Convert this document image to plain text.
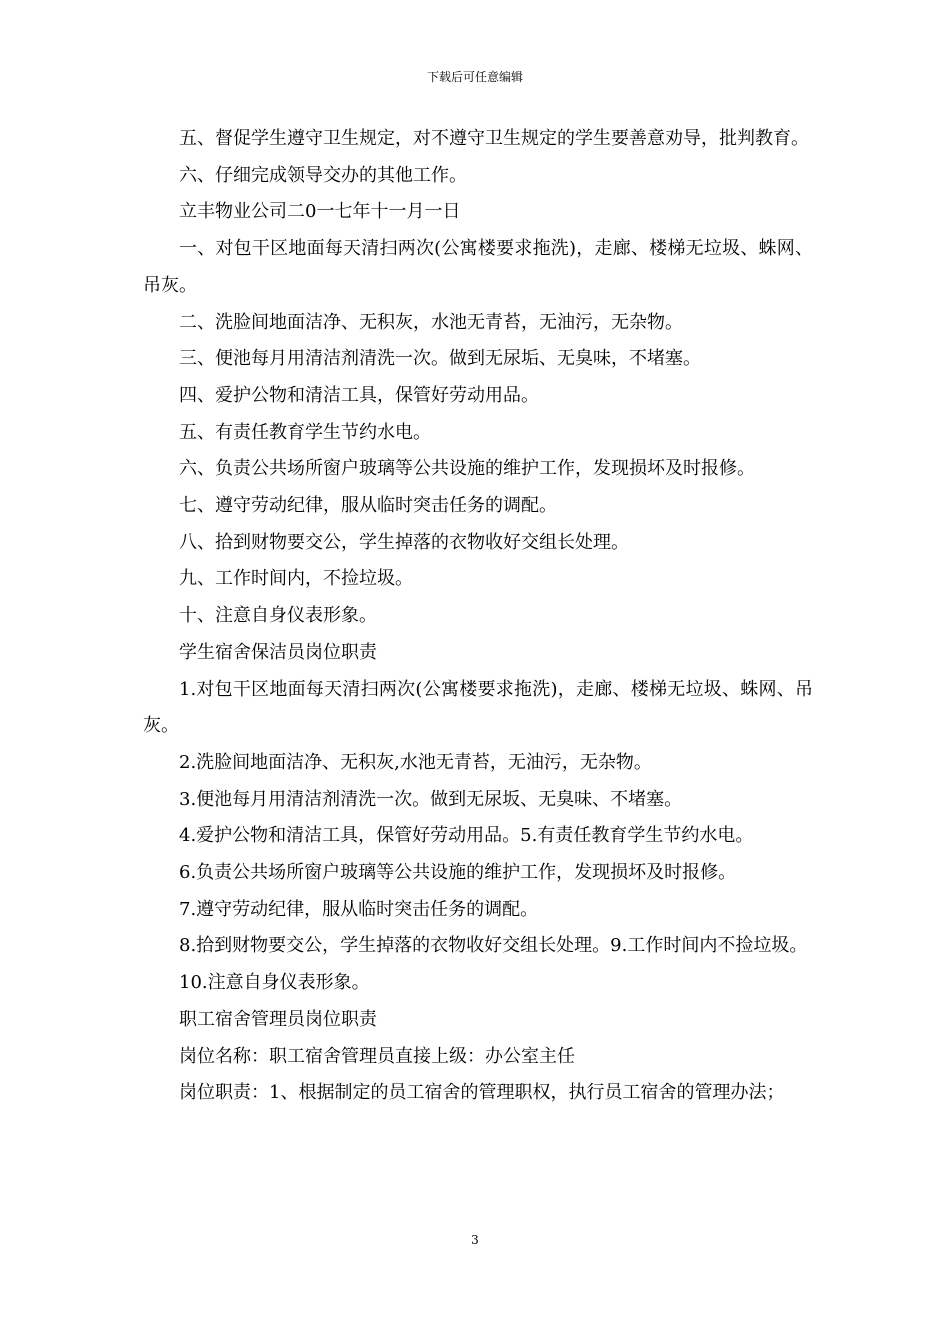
下载后可任意编辑

五、督促学生遵守卫生规定，对不遵守卫生规定的学生要善意劝导，批判教育。

六、仔细完成领导交办的其他工作。

立丰物业公司二0一七年十一月一日

一、对包干区地面每天清扫两次(公寓楼要求拖洗)，走廊、楼梯无垃圾、蛛网、吊灰。

二、洗脸间地面洁净、无积灰，水池无青苔，无油污，无杂物。

三、便池每月用清洁剂清洗一次。做到无尿垢、无臭味，不堵塞。

四、爱护公物和清洁工具，保管好劳动用品。

五、有责任教育学生节约水电。

六、负责公共场所窗户玻璃等公共设施的维护工作，发现损坏及时报修。

七、遵守劳动纪律，服从临时突击任务的调配。

八、拾到财物要交公，学生掉落的衣物收好交组长处理。

九、工作时间内，不捡垃圾。

十、注意自身仪表形象。

学生宿舍保洁员岗位职责

1.对包干区地面每天清扫两次(公寓楼要求拖洗)，走廊、楼梯无垃圾、蛛网、吊灰。

2.洗脸间地面洁净、无积灰,水池无青苔，无油污，无杂物。

3.便池每月用清洁剂清洗一次。做到无尿坂、无臭味、不堵塞。

4.爱护公物和清洁工具，保管好劳动用品。5.有责任教育学生节约水电。

6.负责公共场所窗户玻璃等公共设施的维护工作，发现损坏及时报修。

7.遵守劳动纪律，服从临时突击任务的调配。

8.拾到财物要交公，学生掉落的衣物收好交组长处理。9.工作时间内不捡垃圾。

10.注意自身仪表形象。

职工宿舍管理员岗位职责

岗位名称：职工宿舍管理员直接上级：办公室主任

岗位职责：1、根据制定的员工宿舍的管理职权，执行员工宿舍的管理办法；

3
